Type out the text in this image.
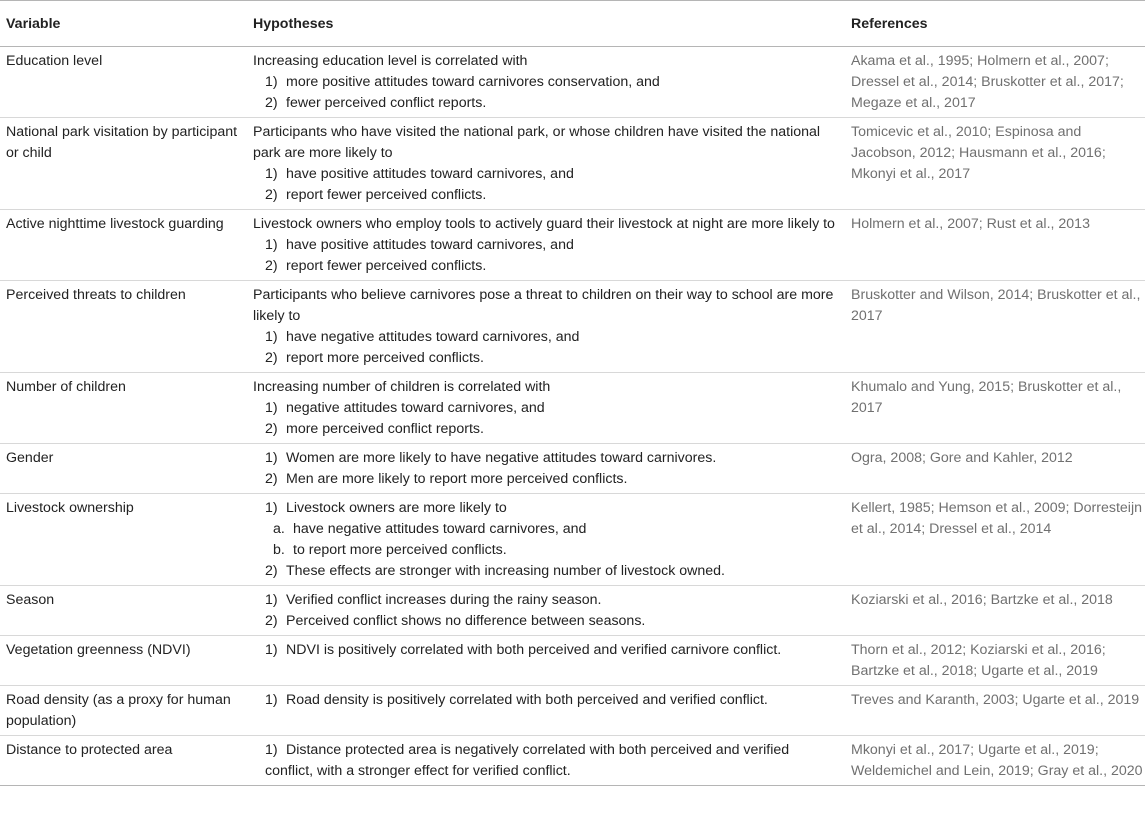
Variable	Hypotheses	References
Education level	Increasing education level is correlated with
1) more positive attitudes toward carnivores conservation, and
2) fewer perceived conflict reports.	Akama et al., 1995; Holmern et al., 2007; Dressel et al., 2014; Bruskotter et al., 2017; Megaze et al., 2017
National park visitation by participant or child	Participants who have visited the national park, or whose children have visited the national park are more likely to
1) have positive attitudes toward carnivores, and
2) report fewer perceived conflicts.	Tomicevic et al., 2010; Espinosa and Jacobson, 2012; Hausmann et al., 2016; Mkonyi et al., 2017
Active nighttime livestock guarding	Livestock owners who employ tools to actively guard their livestock at night are more likely to
1) have positive attitudes toward carnivores, and
2) report fewer perceived conflicts.	Holmern et al., 2007; Rust et al., 2013
Perceived threats to children	Participants who believe carnivores pose a threat to children on their way to school are more likely to
1) have negative attitudes toward carnivores, and
2) report more perceived conflicts.	Bruskotter and Wilson, 2014; Bruskotter et al., 2017
Number of children	Increasing number of children is correlated with
1) negative attitudes toward carnivores, and
2) more perceived conflict reports.	Khumalo and Yung, 2015; Bruskotter et al., 2017
Gender	1) Women are more likely to have negative attitudes toward carnivores.
2) Men are more likely to report more perceived conflicts.	Ogra, 2008; Gore and Kahler, 2012
Livestock ownership	1) Livestock owners are more likely to
a. have negative attitudes toward carnivores, and
b. to report more perceived conflicts.
2) These effects are stronger with increasing number of livestock owned.	Kellert, 1985; Hemson et al., 2009; Dorresteijn et al., 2014; Dressel et al., 2014
Season	1) Verified conflict increases during the rainy season.
2) Perceived conflict shows no difference between seasons.	Koziarski et al., 2016; Bartzke et al., 2018
Vegetation greenness (NDVI)	1) NDVI is positively correlated with both perceived and verified carnivore conflict.	Thorn et al., 2012; Koziarski et al., 2016; Bartzke et al., 2018; Ugarte et al., 2019
Road density (as a proxy for human population)	1) Road density is positively correlated with both perceived and verified conflict.	Treves and Karanth, 2003; Ugarte et al., 2019
Distance to protected area	1) Distance protected area is negatively correlated with both perceived and verified conflict, with a stronger effect for verified conflict.	Mkonyi et al., 2017; Ugarte et al., 2019; Weldemichel and Lein, 2019; Gray et al., 2020
